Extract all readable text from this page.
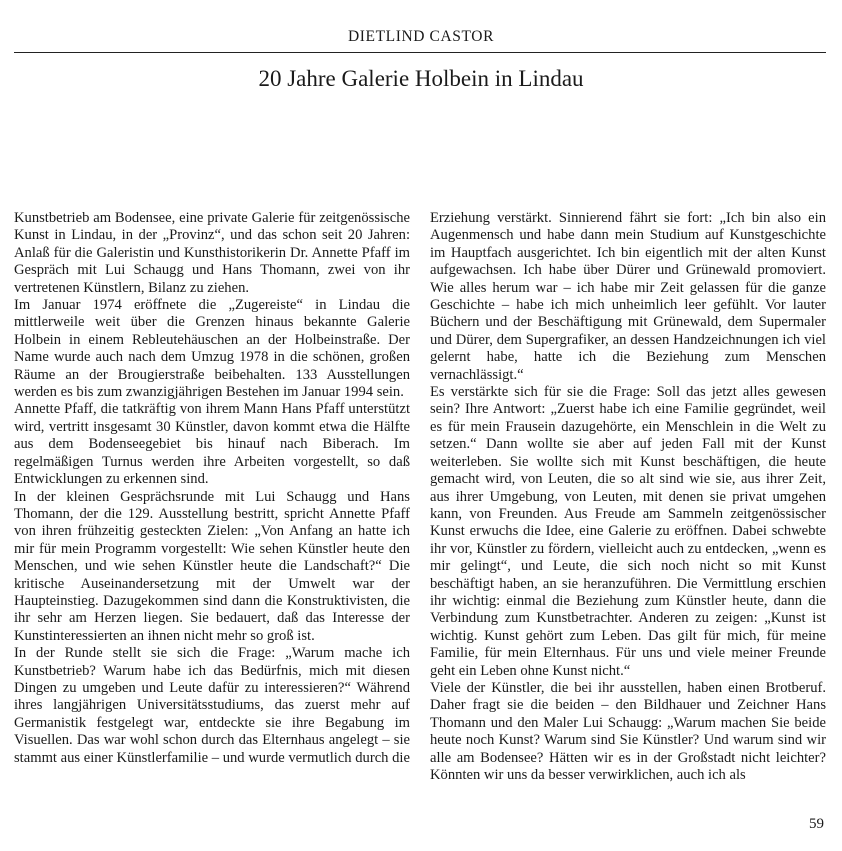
DIETLIND CASTOR
20 Jahre Galerie Holbein in Lindau

Kunstbetrieb am Bodensee, eine private Galerie für zeitgenössische Kunst in Lindau, in der „Provinz“, und das schon seit 20 Jahren: Anlaß für die Galeristin und Kunsthistorikerin Dr. Annette Pfaff im Gespräch mit Lui Schaugg und Hans Thomann, zwei von ihr vertretenen Künstlern, Bilanz zu ziehen.

Im Januar 1974 eröffnete die „Zugereiste“ in Lindau die mittlerweile weit über die Grenzen hinaus bekannte Galerie Holbein in einem Rebleutehäuschen an der Holbeinstraße. Der Name wurde auch nach dem Umzug 1978 in die schönen, großen Räume an der Brougierstraße beibehalten. 133 Ausstellungen werden es bis zum zwanzigjährigen Bestehen im Januar 1994 sein.

Annette Pfaff, die tatkräftig von ihrem Mann Hans Pfaff unterstützt wird, vertritt insgesamt 30 Künstler, davon kommt etwa die Hälfte aus dem Bodenseegebiet bis hinauf nach Biberach. Im regelmäßigen Turnus werden ihre Arbeiten vorgestellt, so daß Entwicklungen zu erkennen sind.

In der kleinen Gesprächsrunde mit Lui Schaugg und Hans Thomann, der die 129. Ausstellung bestritt, spricht Annette Pfaff von ihren frühzeitig gesteckten Zielen: „Von Anfang an hatte ich mir für mein Programm vorgestellt: Wie sehen Künstler heute den Menschen, und wie sehen Künstler heute die Landschaft?“ Die kritische Auseinandersetzung mit der Umwelt war der Haupteinstieg. Dazugekommen sind dann die Konstruktivisten, die ihr sehr am Herzen liegen. Sie bedauert, daß das Interesse der Kunstinteressierten an ihnen nicht mehr so groß ist.

In der Runde stellt sie sich die Frage: „Warum mache ich Kunstbetrieb? Warum habe ich das Bedürfnis, mich mit diesen Dingen zu umgeben und Leute dafür zu interessieren?“ Während ihres langjährigen Universitätsstudiums, das zuerst mehr auf Germanistik festgelegt war, entdeckte sie ihre Begabung im Visuellen. Das war wohl schon durch das Elternhaus angelegt – sie stammt aus einer Künstlerfamilie – und wurde vermutlich durch die

Erziehung verstärkt. Sinnierend fährt sie fort: „Ich bin also ein Augenmensch und habe dann mein Studium auf Kunstgeschichte im Hauptfach ausgerichtet. Ich bin eigentlich mit der alten Kunst aufgewachsen. Ich habe über Dürer und Grünewald promoviert. Wie alles herum war – ich habe mir Zeit gelassen für die ganze Geschichte – habe ich mich unheimlich leer gefühlt. Vor lauter Büchern und der Beschäftigung mit Grünewald, dem Supermaler und Dürer, dem Supergrafiker, an dessen Handzeichnungen ich viel gelernt habe, hatte ich die Beziehung zum Menschen vernachlässigt.“

Es verstärkte sich für sie die Frage: Soll das jetzt alles gewesen sein? Ihre Antwort: „Zuerst habe ich eine Familie gegründet, weil es für mein Frausein dazugehörte, ein Menschlein in die Welt zu setzen.“ Dann wollte sie aber auf jeden Fall mit der Kunst weiterleben. Sie wollte sich mit Kunst beschäftigen, die heute gemacht wird, von Leuten, die so alt sind wie sie, aus ihrer Zeit, aus ihrer Umgebung, von Leuten, mit denen sie privat umgehen kann, von Freunden. Aus Freude am Sammeln zeitgenössischer Kunst erwuchs die Idee, eine Galerie zu eröffnen. Dabei schwebte ihr vor, Künstler zu fördern, vielleicht auch zu entdecken, „wenn es mir gelingt“, und Leute, die sich noch nicht so mit Kunst beschäftigt haben, an sie heranzuführen. Die Vermittlung erschien ihr wichtig: einmal die Beziehung zum Künstler heute, dann die Verbindung zum Kunstbetrachter. Anderen zu zeigen: „Kunst ist wichtig. Kunst gehört zum Leben. Das gilt für mich, für meine Familie, für mein Elternhaus. Für uns und viele meiner Freunde geht ein Leben ohne Kunst nicht.“

Viele der Künstler, die bei ihr ausstellen, haben einen Brotberuf. Daher fragt sie die beiden – den Bildhauer und Zeichner Hans Thomann und den Maler Lui Schaugg: „Warum machen Sie beide heute noch Kunst? Warum sind Sie Künstler? Und warum sind wir alle am Bodensee? Hätten wir es in der Großstadt nicht leichter? Könnten wir uns da besser verwirklichen, auch ich als

59
